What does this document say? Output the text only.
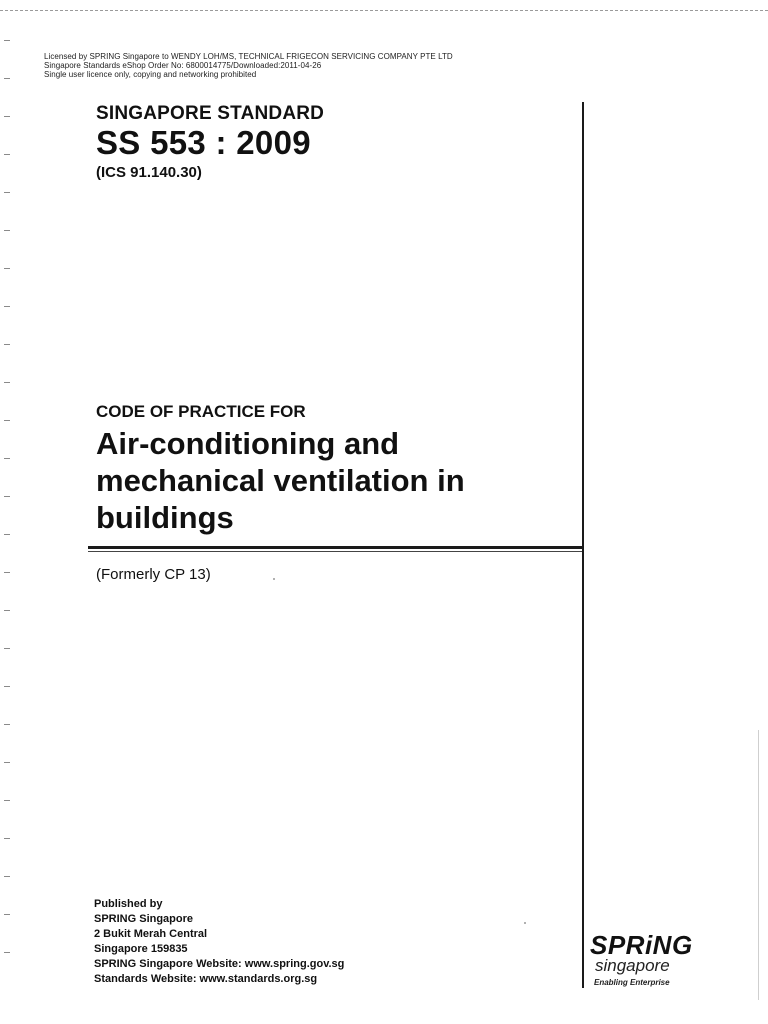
Licensed by SPRING Singapore to WENDY LOH/MS, TECHNICAL FRIGECON SERVICING COMPANY PTE LTD
Singapore Standards eShop Order No: 6800014775/Downloaded:2011-04-26
Single user licence only, copying and networking prohibited
SINGAPORE STANDARD
SS 553 : 2009
(ICS 91.140.30)
CODE OF PRACTICE FOR
Air-conditioning and
mechanical ventilation in
buildings
(Formerly CP 13)
Published by
SPRING Singapore
2 Bukit Merah Central
Singapore 159835
SPRING Singapore Website: www.spring.gov.sg
Standards Website: www.standards.org.sg
SPRiNG
singapore
Enabling Enterprise
